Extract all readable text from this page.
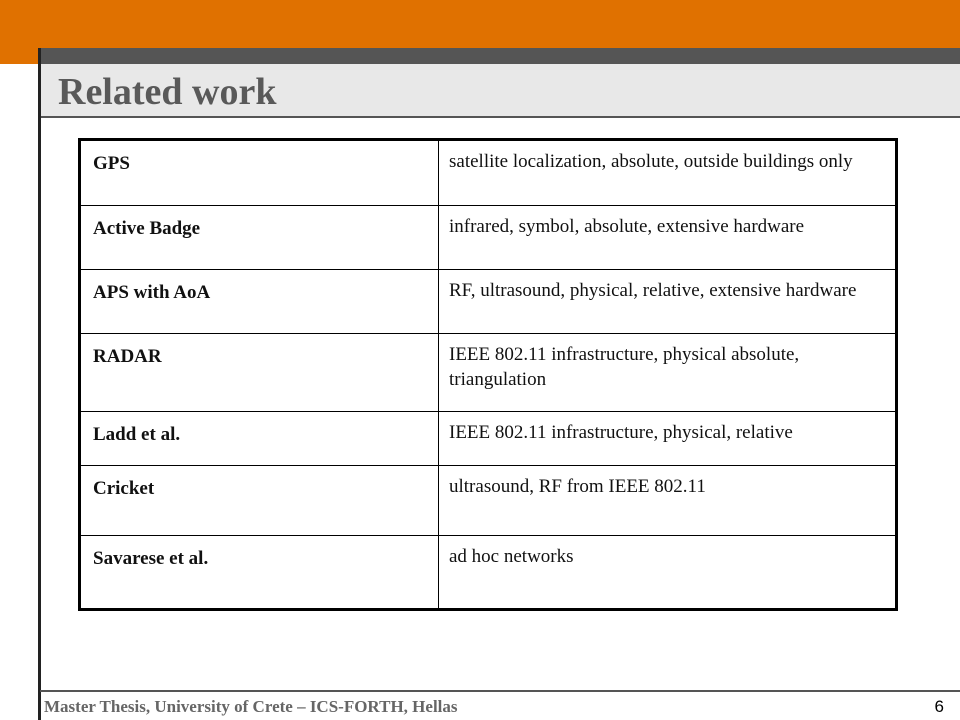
Related work
GPS	satellite localization, absolute, outside buildings only
Active Badge	infrared, symbol, absolute, extensive hardware
APS with AoA	RF, ultrasound, physical, relative, extensive hardware
RADAR	IEEE 802.11 infrastructure, physical absolute, triangulation
Ladd et al.	IEEE 802.11 infrastructure, physical, relative
Cricket	ultrasound, RF from IEEE 802.11
Savarese et al.	ad hoc networks
Master Thesis, University of Crete – ICS-FORTH, Hellas	6
